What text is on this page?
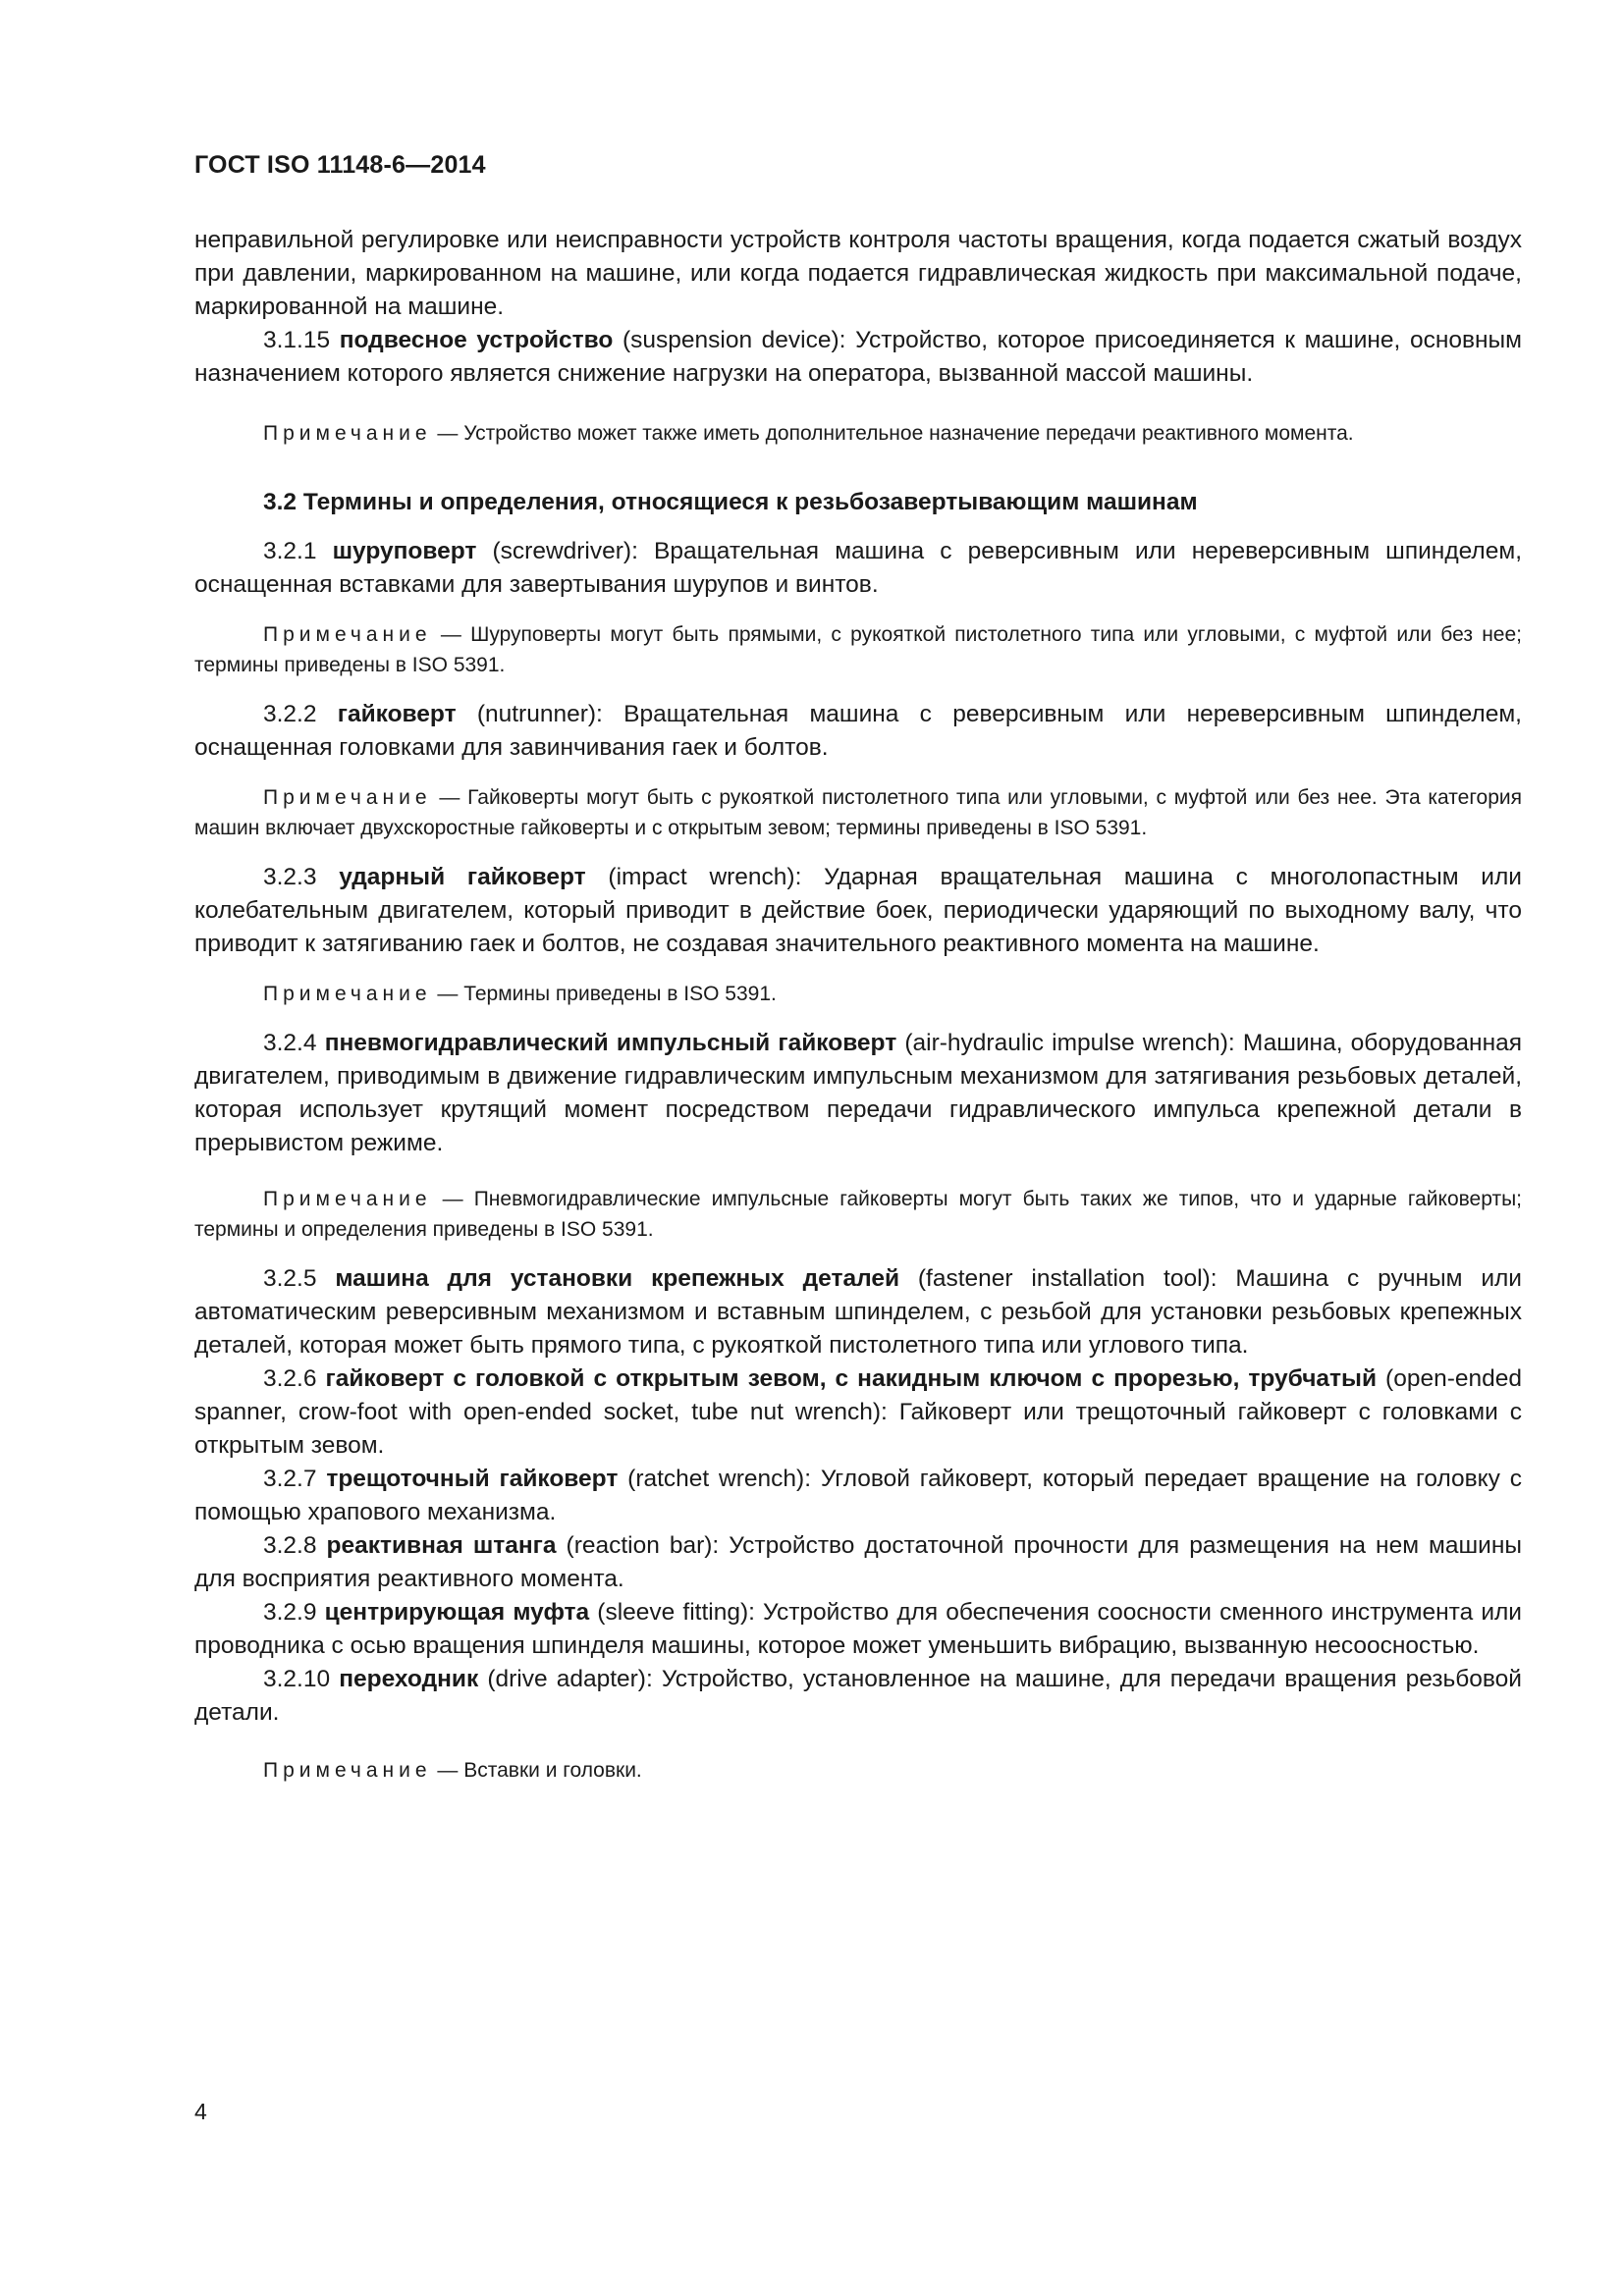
ГОСТ ISO 11148-6—2014

неправильной регулировке или неисправности устройств контроля частоты вращения, когда подается сжатый воздух при давлении, маркированном на машине, или когда подается гидравлическая жидкость при максимальной подаче, маркированной на машине.

3.1.15 подвесное устройство (suspension device): Устройство, которое присоединяется к машине, основным назначением которого является снижение нагрузки на оператора, вызванной массой машины.

Примечание — Устройство может также иметь дополнительное назначение передачи реактивного момента.

3.2 Термины и определения, относящиеся к резьбозавертывающим машинам

3.2.1 шуруповерт (screwdriver): Вращательная машина с реверсивным или нереверсивным шпинделем, оснащенная вставками для завертывания шурупов и винтов.

Примечание — Шуруповерты могут быть прямыми, с рукояткой пистолетного типа или угловыми, с муфтой или без нее; термины приведены в ISO 5391.

3.2.2 гайковерт (nutrunner): Вращательная машина с реверсивным или нереверсивным шпинделем, оснащенная головками для завинчивания гаек и болтов.

Примечание — Гайковерты могут быть с рукояткой пистолетного типа или угловыми, с муфтой или без нее. Эта категория машин включает двухскоростные гайковерты и с открытым зевом; термины приведены в ISO 5391.

3.2.3 ударный гайковерт (impact wrench): Ударная вращательная машина с многолопастным или колебательным двигателем, который приводит в действие боек, периодически ударяющий по выходному валу, что приводит к затягиванию гаек и болтов, не создавая значительного реактивного момента на машине.

Примечание — Термины приведены в ISO 5391.

3.2.4 пневмогидравлический импульсный гайковерт (air-hydraulic impulse wrench): Машина, оборудованная двигателем, приводимым в движение гидравлическим импульсным механизмом для затягивания резьбовых деталей, которая использует крутящий момент посредством передачи гидравлического импульса крепежной детали в прерывистом режиме.

Примечание — Пневмогидравлические импульсные гайковерты могут быть таких же типов, что и ударные гайковерты; термины и определения приведены в ISO 5391.

3.2.5 машина для установки крепежных деталей (fastener installation tool): Машина с ручным или автоматическим реверсивным механизмом и вставным шпинделем, с резьбой для установки резьбовых крепежных деталей, которая может быть прямого типа, с рукояткой пистолетного типа или углового типа.

3.2.6 гайковерт с головкой с открытым зевом, с накидным ключом с прорезью, трубчатый (open-ended spanner, crow-foot with open-ended socket, tube nut wrench): Гайковерт или трещоточный гайковерт с головками с открытым зевом.

3.2.7 трещоточный гайковерт (ratchet wrench): Угловой гайковерт, который передает вращение на головку с помощью храпового механизма.

3.2.8 реактивная штанга (reaction bar): Устройство достаточной прочности для размещения на нем машины для восприятия реактивного момента.

3.2.9 центрирующая муфта (sleeve fitting): Устройство для обеспечения соосности сменного инструмента или проводника с осью вращения шпинделя машины, которое может уменьшить вибрацию, вызванную несоосностью.

3.2.10 переходник (drive adapter): Устройство, установленное на машине, для передачи вращения резьбовой детали.

Примечание — Вставки и головки.

4
